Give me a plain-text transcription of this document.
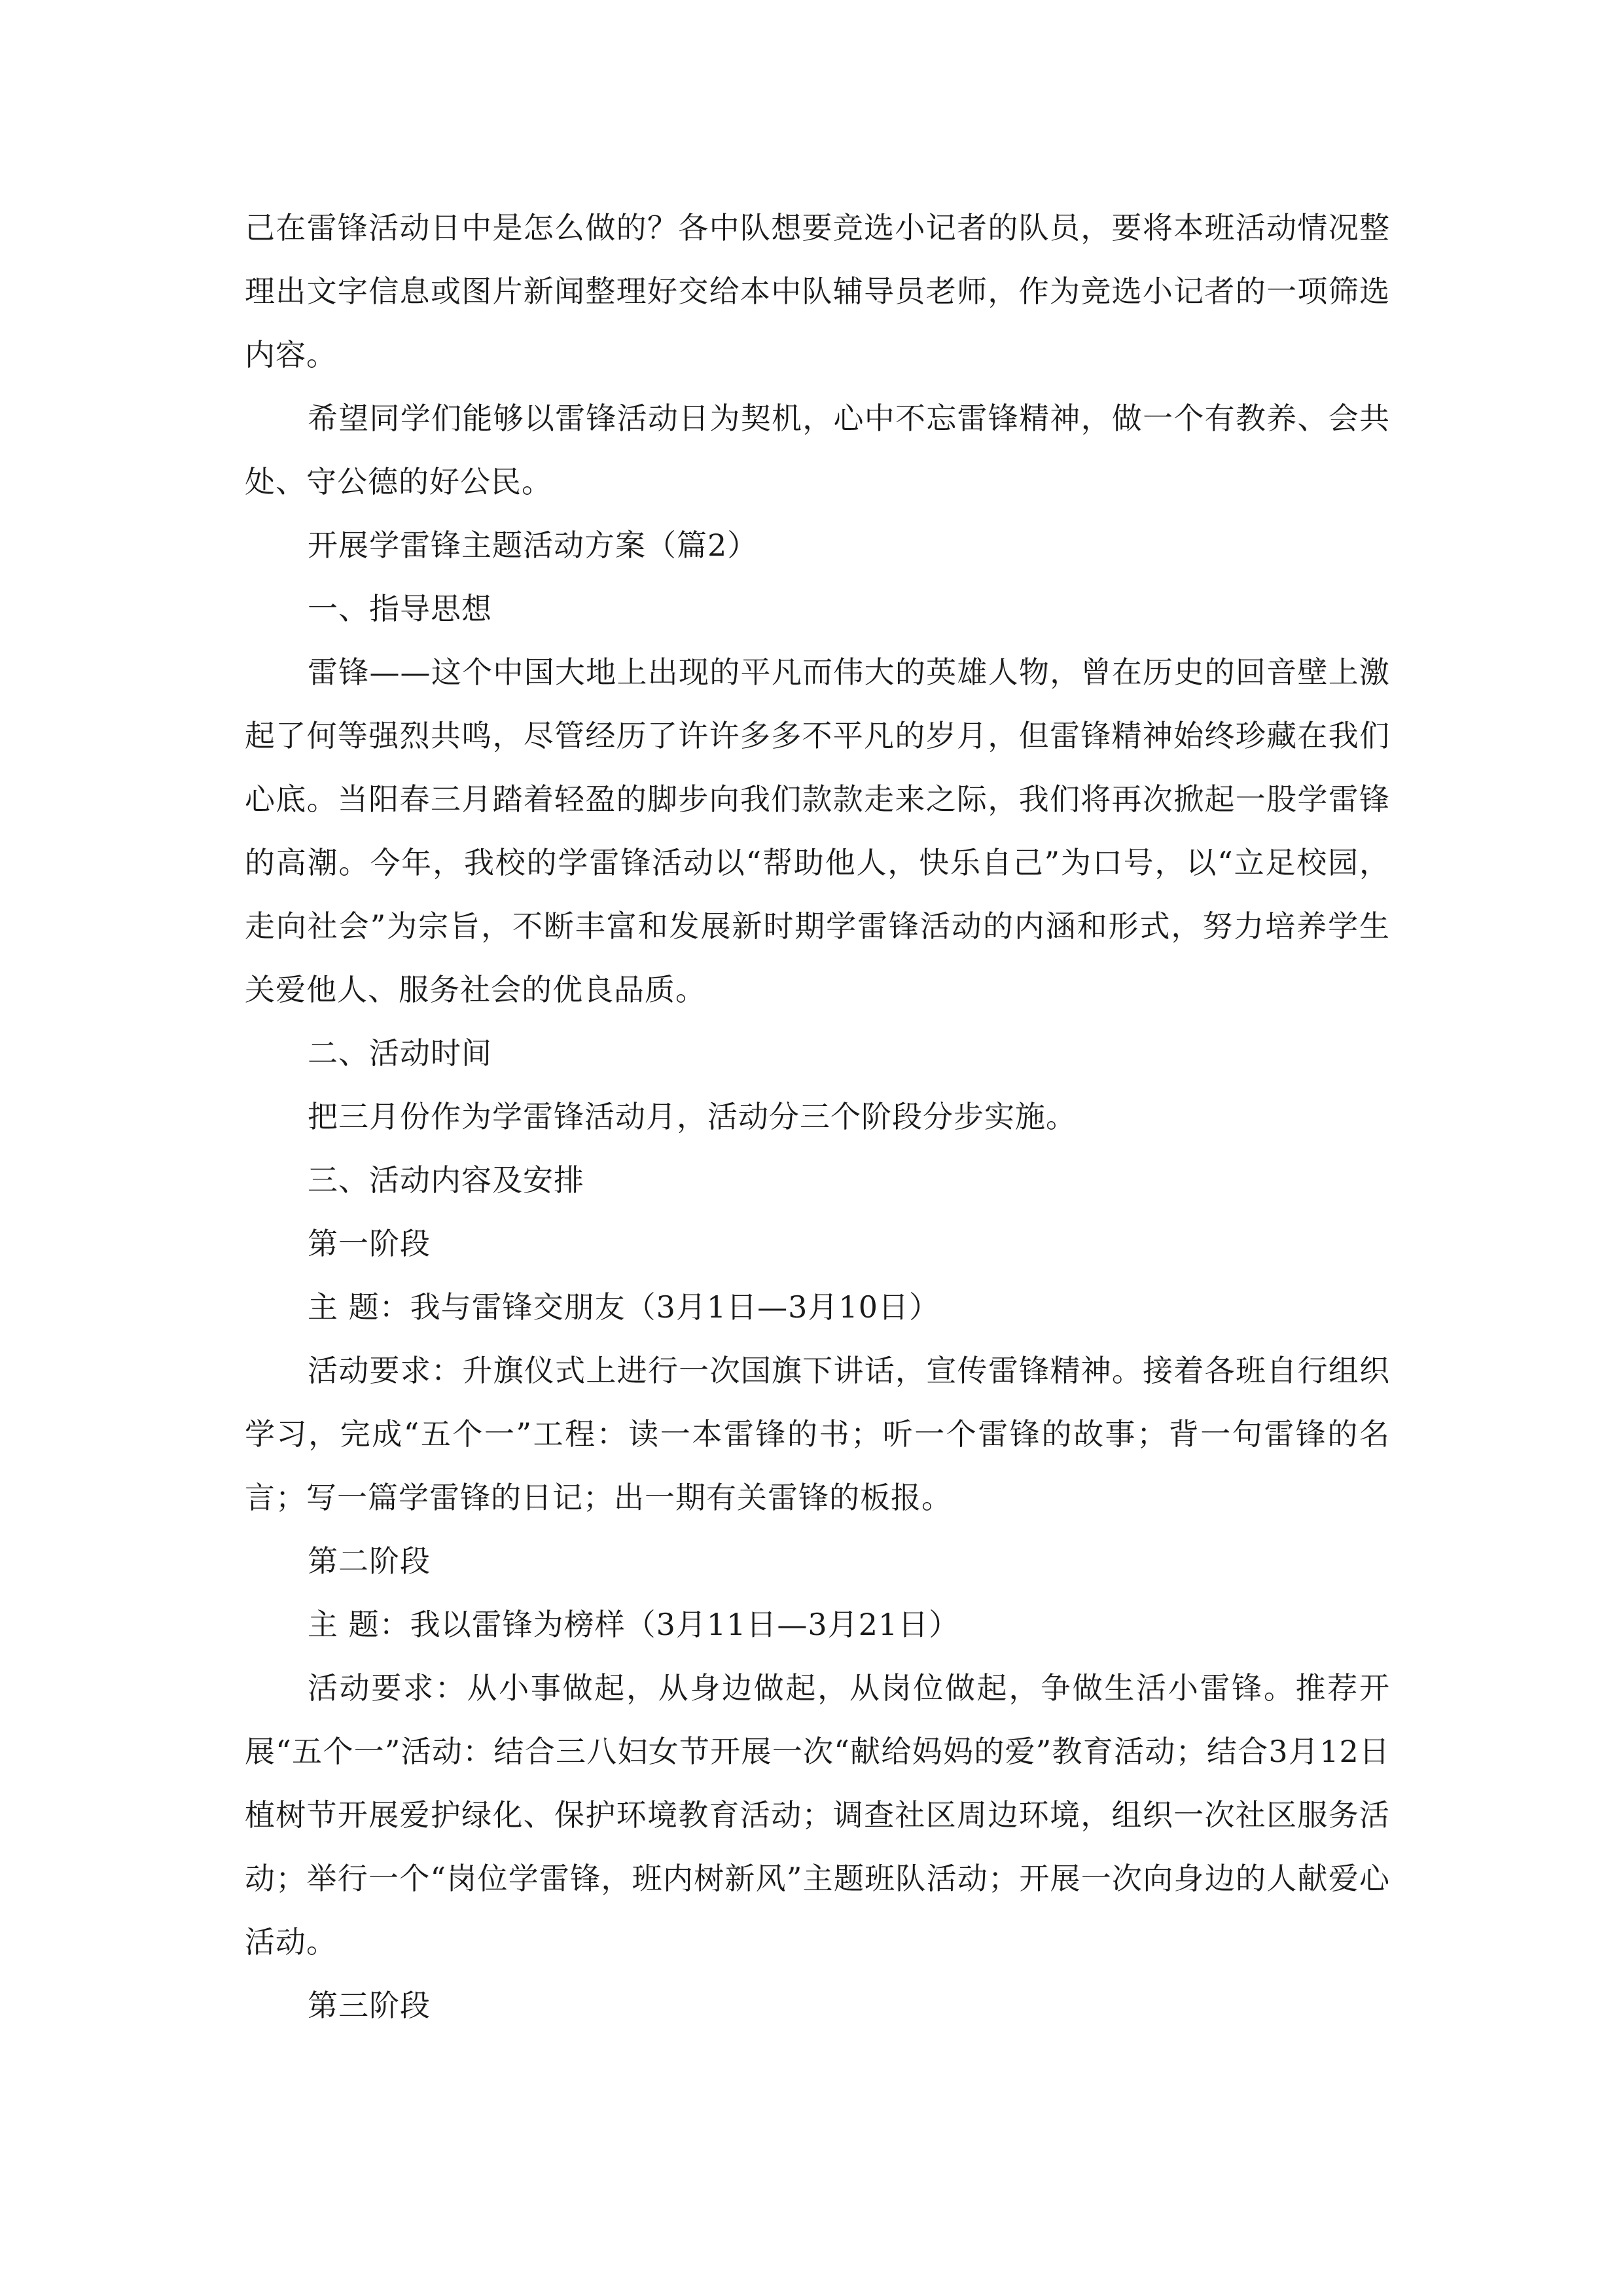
己在雷锋活动日中是怎么做的？各中队想要竞选小记者的队员，要将本班活动情况整理出文字信息或图片新闻整理好交给本中队辅导员老师，作为竞选小记者的一项筛选内容。

希望同学们能够以雷锋活动日为契机，心中不忘雷锋精神，做一个有教养、会共处、守公德的好公民。

开展学雷锋主题活动方案（篇2）

一、指导思想

雷锋——这个中国大地上出现的平凡而伟大的英雄人物，曾在历史的回音壁上激起了何等强烈共鸣，尽管经历了许许多多不平凡的岁月，但雷锋精神始终珍藏在我们心底。当阳春三月踏着轻盈的脚步向我们款款走来之际，我们将再次掀起一股学雷锋的高潮。今年，我校的学雷锋活动以“帮助他人，快乐自己”为口号，以“立足校园，走向社会”为宗旨，不断丰富和发展新时期学雷锋活动的内涵和形式，努力培养学生关爱他人、服务社会的优良品质。

二、活动时间

把三月份作为学雷锋活动月，活动分三个阶段分步实施。

三、活动内容及安排

第一阶段

主 题：我与雷锋交朋友（3月1日—3月10日）

活动要求：升旗仪式上进行一次国旗下讲话，宣传雷锋精神。接着各班自行组织学习，完成“五个一”工程：读一本雷锋的书；听一个雷锋的故事；背一句雷锋的名言；写一篇学雷锋的日记；出一期有关雷锋的板报。

第二阶段

主 题：我以雷锋为榜样（3月11日—3月21日）

活动要求：从小事做起，从身边做起，从岗位做起，争做生活小雷锋。推荐开展“五个一”活动：结合三八妇女节开展一次“献给妈妈的爱”教育活动；结合3月12日植树节开展爱护绿化、保护环境教育活动；调查社区周边环境，组织一次社区服务活动；举行一个“岗位学雷锋，班内树新风”主题班队活动；开展一次向身边的人献爱心活动。

第三阶段
